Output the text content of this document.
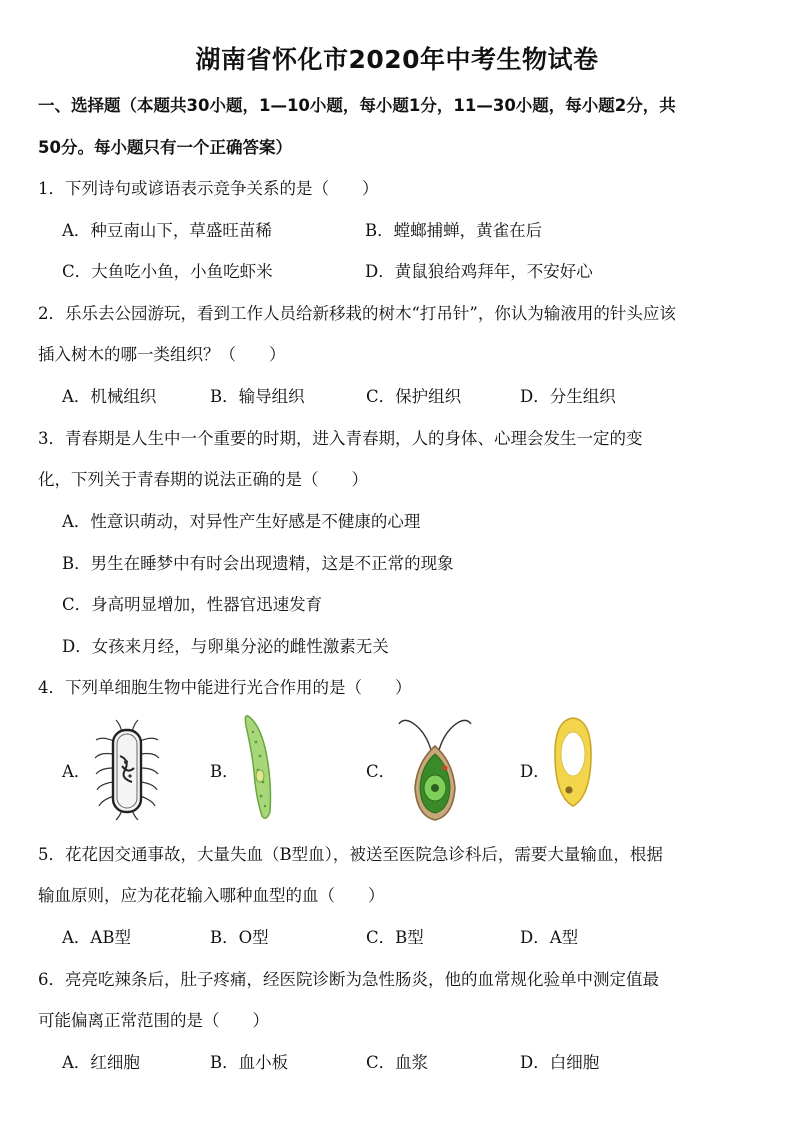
湖南省怀化市2020年中考生物试卷
一、选择题（本题共30小题，1—10小题，每小题1分，11—30小题，每小题2分，共
50分。每小题只有一个正确答案）
1．下列诗句或谚语表示竞争关系的是（　　）
A．种豆南山下，草盛旺苗稀	B．螳螂捕蝉，黄雀在后
C．大鱼吃小鱼，小鱼吃虾米	D．黄鼠狼给鸡拜年，不安好心
2．乐乐去公园游玩，看到工作人员给新移栽的树木“打吊针”，你认为输液用的针头应该
插入树木的哪一类组织？（　　）
A．机械组织	B．输导组织	C．保护组织	D．分生组织
3．青春期是人生中一个重要的时期，进入青春期，人的身体、心理会发生一定的变
化，下列关于青春期的说法正确的是（　　）
A．性意识萌动，对异性产生好感是不健康的心理
B．男生在睡梦中有时会出现遗精，这是不正常的现象
C．身高明显增加，性器官迅速发育
D．女孩来月经，与卵巢分泌的雌性激素无关
4．下列单细胞生物中能进行光合作用的是（　　）
A．	B．	C．	D．
5．花花因交通事故，大量失血（B型血），被送至医院急诊科后，需要大量输血，根据
输血原则，应为花花输入哪种血型的血（　　）
A．AB型	B．O型	C．B型	D．A型
6．亮亮吃辣条后，肚子疼痛，经医院诊断为急性肠炎，他的血常规化验单中测定值最
可能偏离正常范围的是（　　）
A．红细胞	B．血小板	C．血浆	D．白细胞
